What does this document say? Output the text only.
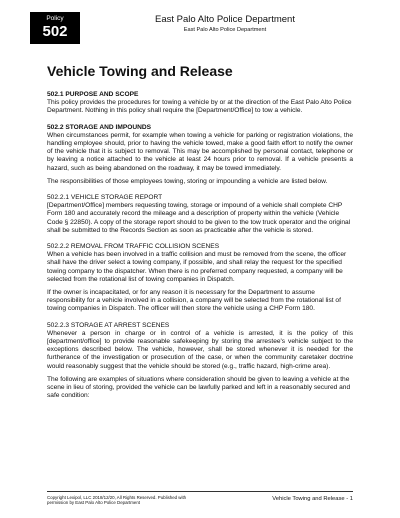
Policy
502
East Palo Alto Police Department
East Palo Alto Police Department
Vehicle Towing and Release
502.1 PURPOSE AND SCOPE

This policy provides the procedures for towing a vehicle by or at the direction of the East Palo Alto Police Department. Nothing in this policy shall require the [Department/Office] to tow a vehicle.

502.2 STORAGE AND IMPOUNDS

When circumstances permit, for example when towing a vehicle for parking or registration violations, the handling employee should, prior to having the vehicle towed, make a good faith effort to notify the owner of the vehicle that it is subject to removal. This may be accomplished by personal contact, telephone or by leaving a notice attached to the vehicle at least 24 hours prior to removal. If a vehicle presents a hazard, such as being abandoned on the roadway, it may be towed immediately.

The responsibilities of those employees towing, storing or impounding a vehicle are listed below.

502.2.1 VEHICLE STORAGE REPORT

[Department/Office] members requesting towing, storage or impound of a vehicle shall complete CHP Form 180 and accurately record the mileage and a description of property within the vehicle (Vehicle Code § 22850). A copy of the storage report should to be given to the tow truck operator and the original shall be submitted to the Records Section as soon as practicable after the vehicle is stored.

502.2.2 REMOVAL FROM TRAFFIC COLLISION SCENES

When a vehicle has been involved in a traffic collision and must be removed from the scene, the officer shall have the driver select a towing company, if possible, and shall relay the request for the specified towing company to the dispatcher. When there is no preferred company requested, a company will be selected from the rotational list of towing companies in Dispatch.

If the owner is incapacitated, or for any reason it is necessary for the Department to assume responsibility for a vehicle involved in a collision, a company will be selected from the rotational list of towing companies in Dispatch. The officer will then store the vehicle using a CHP Form 180.

502.2.3 STORAGE AT ARREST SCENES

Whenever a person in charge or in control of a vehicle is arrested, it is the policy of this [department/office] to provide reasonable safekeeping by storing the arrestee's vehicle subject to the exceptions described below. The vehicle, however, shall be stored whenever it is needed for the furtherance of the investigation or prosecution of the case, or when the community caretaker doctrine would reasonably suggest that the vehicle should be stored (e.g., traffic hazard, high-crime area).

The following are examples of situations where consideration should be given to leaving a vehicle at the scene in lieu of storing, provided the vehicle can be lawfully parked and left in a reasonably secured and safe condition:

Copyright Lexipol, LLC 2018/12/20, All Rights Reserved. Published with permission by East Palo Alto Police Department
Vehicle Towing and Release - 1
